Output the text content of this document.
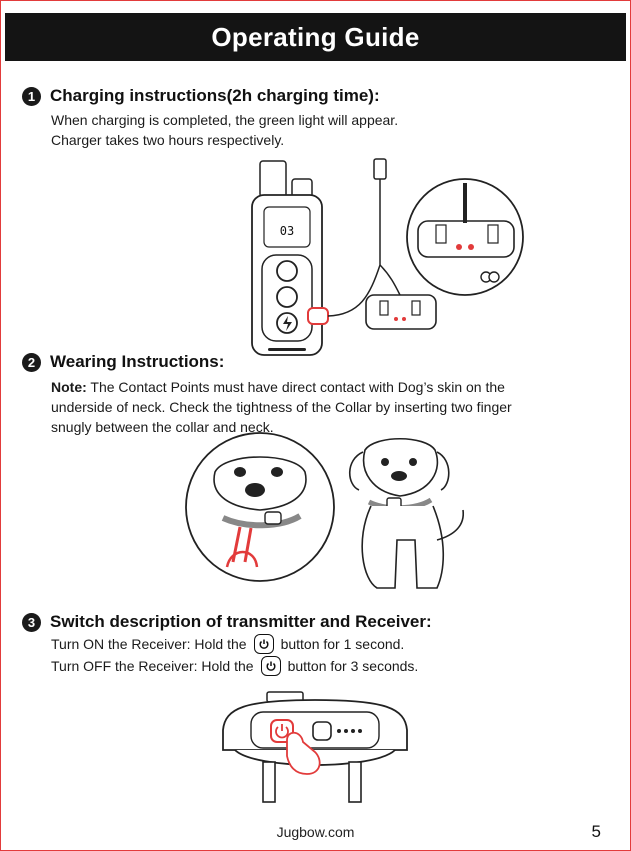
Operating Guide
1 Charging instructions(2h charging time):
When charging is completed, the green light will appear.
Charger takes two hours respectively.
03
2 Wearing Instructions:
Note: The Contact Points must have direct contact with Dog’s skin on the
underside of neck. Check the tightness of the Collar by inserting two finger
snugly between the collar and neck.
3 Switch description of transmitter and Receiver:
Turn ON the Receiver: Hold the button for 1 second.
Turn OFF the Receiver: Hold the button for 3 seconds.
Jugbow.com	5
